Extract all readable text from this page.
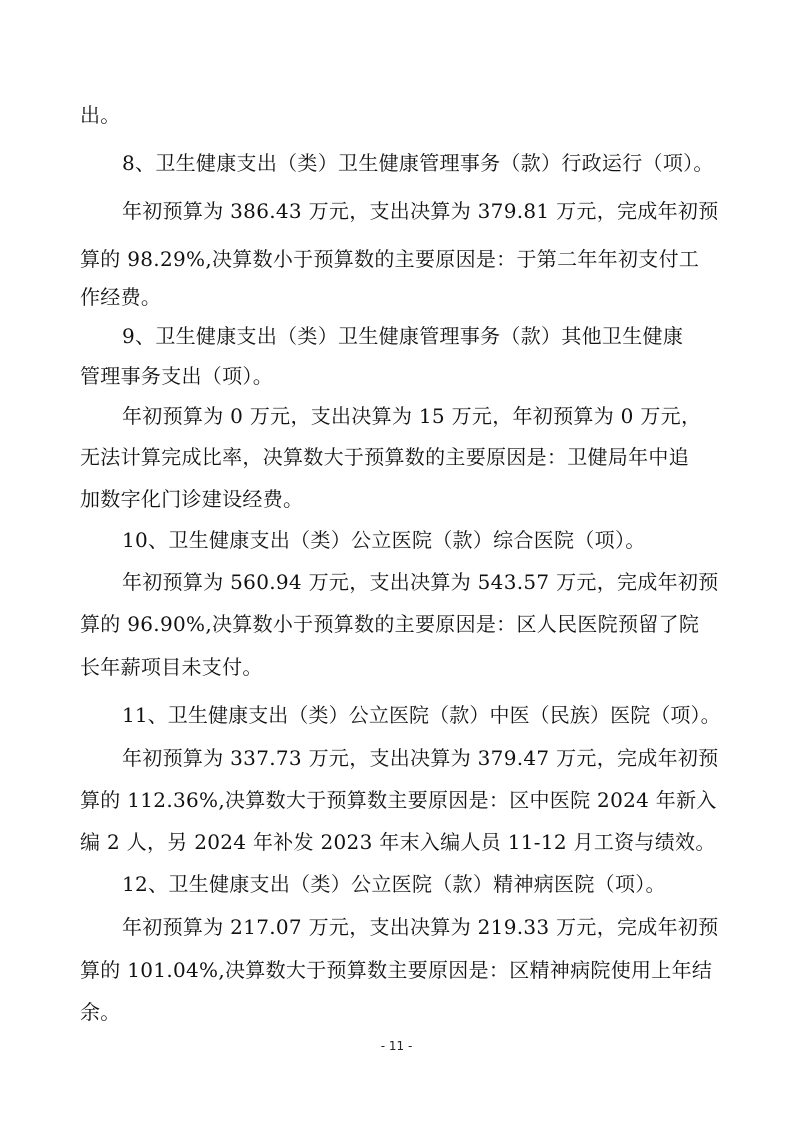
出。
8、卫生健康支出（类）卫生健康管理事务（款）行政运行（项）。
年初预算为 386.43 万元，支出决算为 379.81 万元，完成年初预
算的 98.29%,决算数小于预算数的主要原因是：于第二年年初支付工
作经费。
9、卫生健康支出（类）卫生健康管理事务（款）其他卫生健康
管理事务支出（项）。
年初预算为 0 万元，支出决算为 15 万元，年初预算为 0 万元，
无法计算完成比率，决算数大于预算数的主要原因是：卫健局年中追
加数字化门诊建设经费。
10、卫生健康支出（类）公立医院（款）综合医院（项）。
年初预算为 560.94 万元，支出决算为 543.57 万元，完成年初预
算的 96.90%,决算数小于预算数的主要原因是：区人民医院预留了院
长年薪项目未支付。
11、卫生健康支出（类）公立医院（款）中医（民族）医院（项）。
年初预算为 337.73 万元，支出决算为 379.47 万元，完成年初预
算的 112.36%,决算数大于预算数主要原因是：区中医院 2024 年新入
编 2 人，另 2024 年补发 2023 年末入编人员 11-12 月工资与绩效。
12、卫生健康支出（类）公立医院（款）精神病医院（项）。
年初预算为 217.07 万元，支出决算为 219.33 万元，完成年初预
算的 101.04%,决算数大于预算数主要原因是：区精神病院使用上年结
余。
- 11 -
